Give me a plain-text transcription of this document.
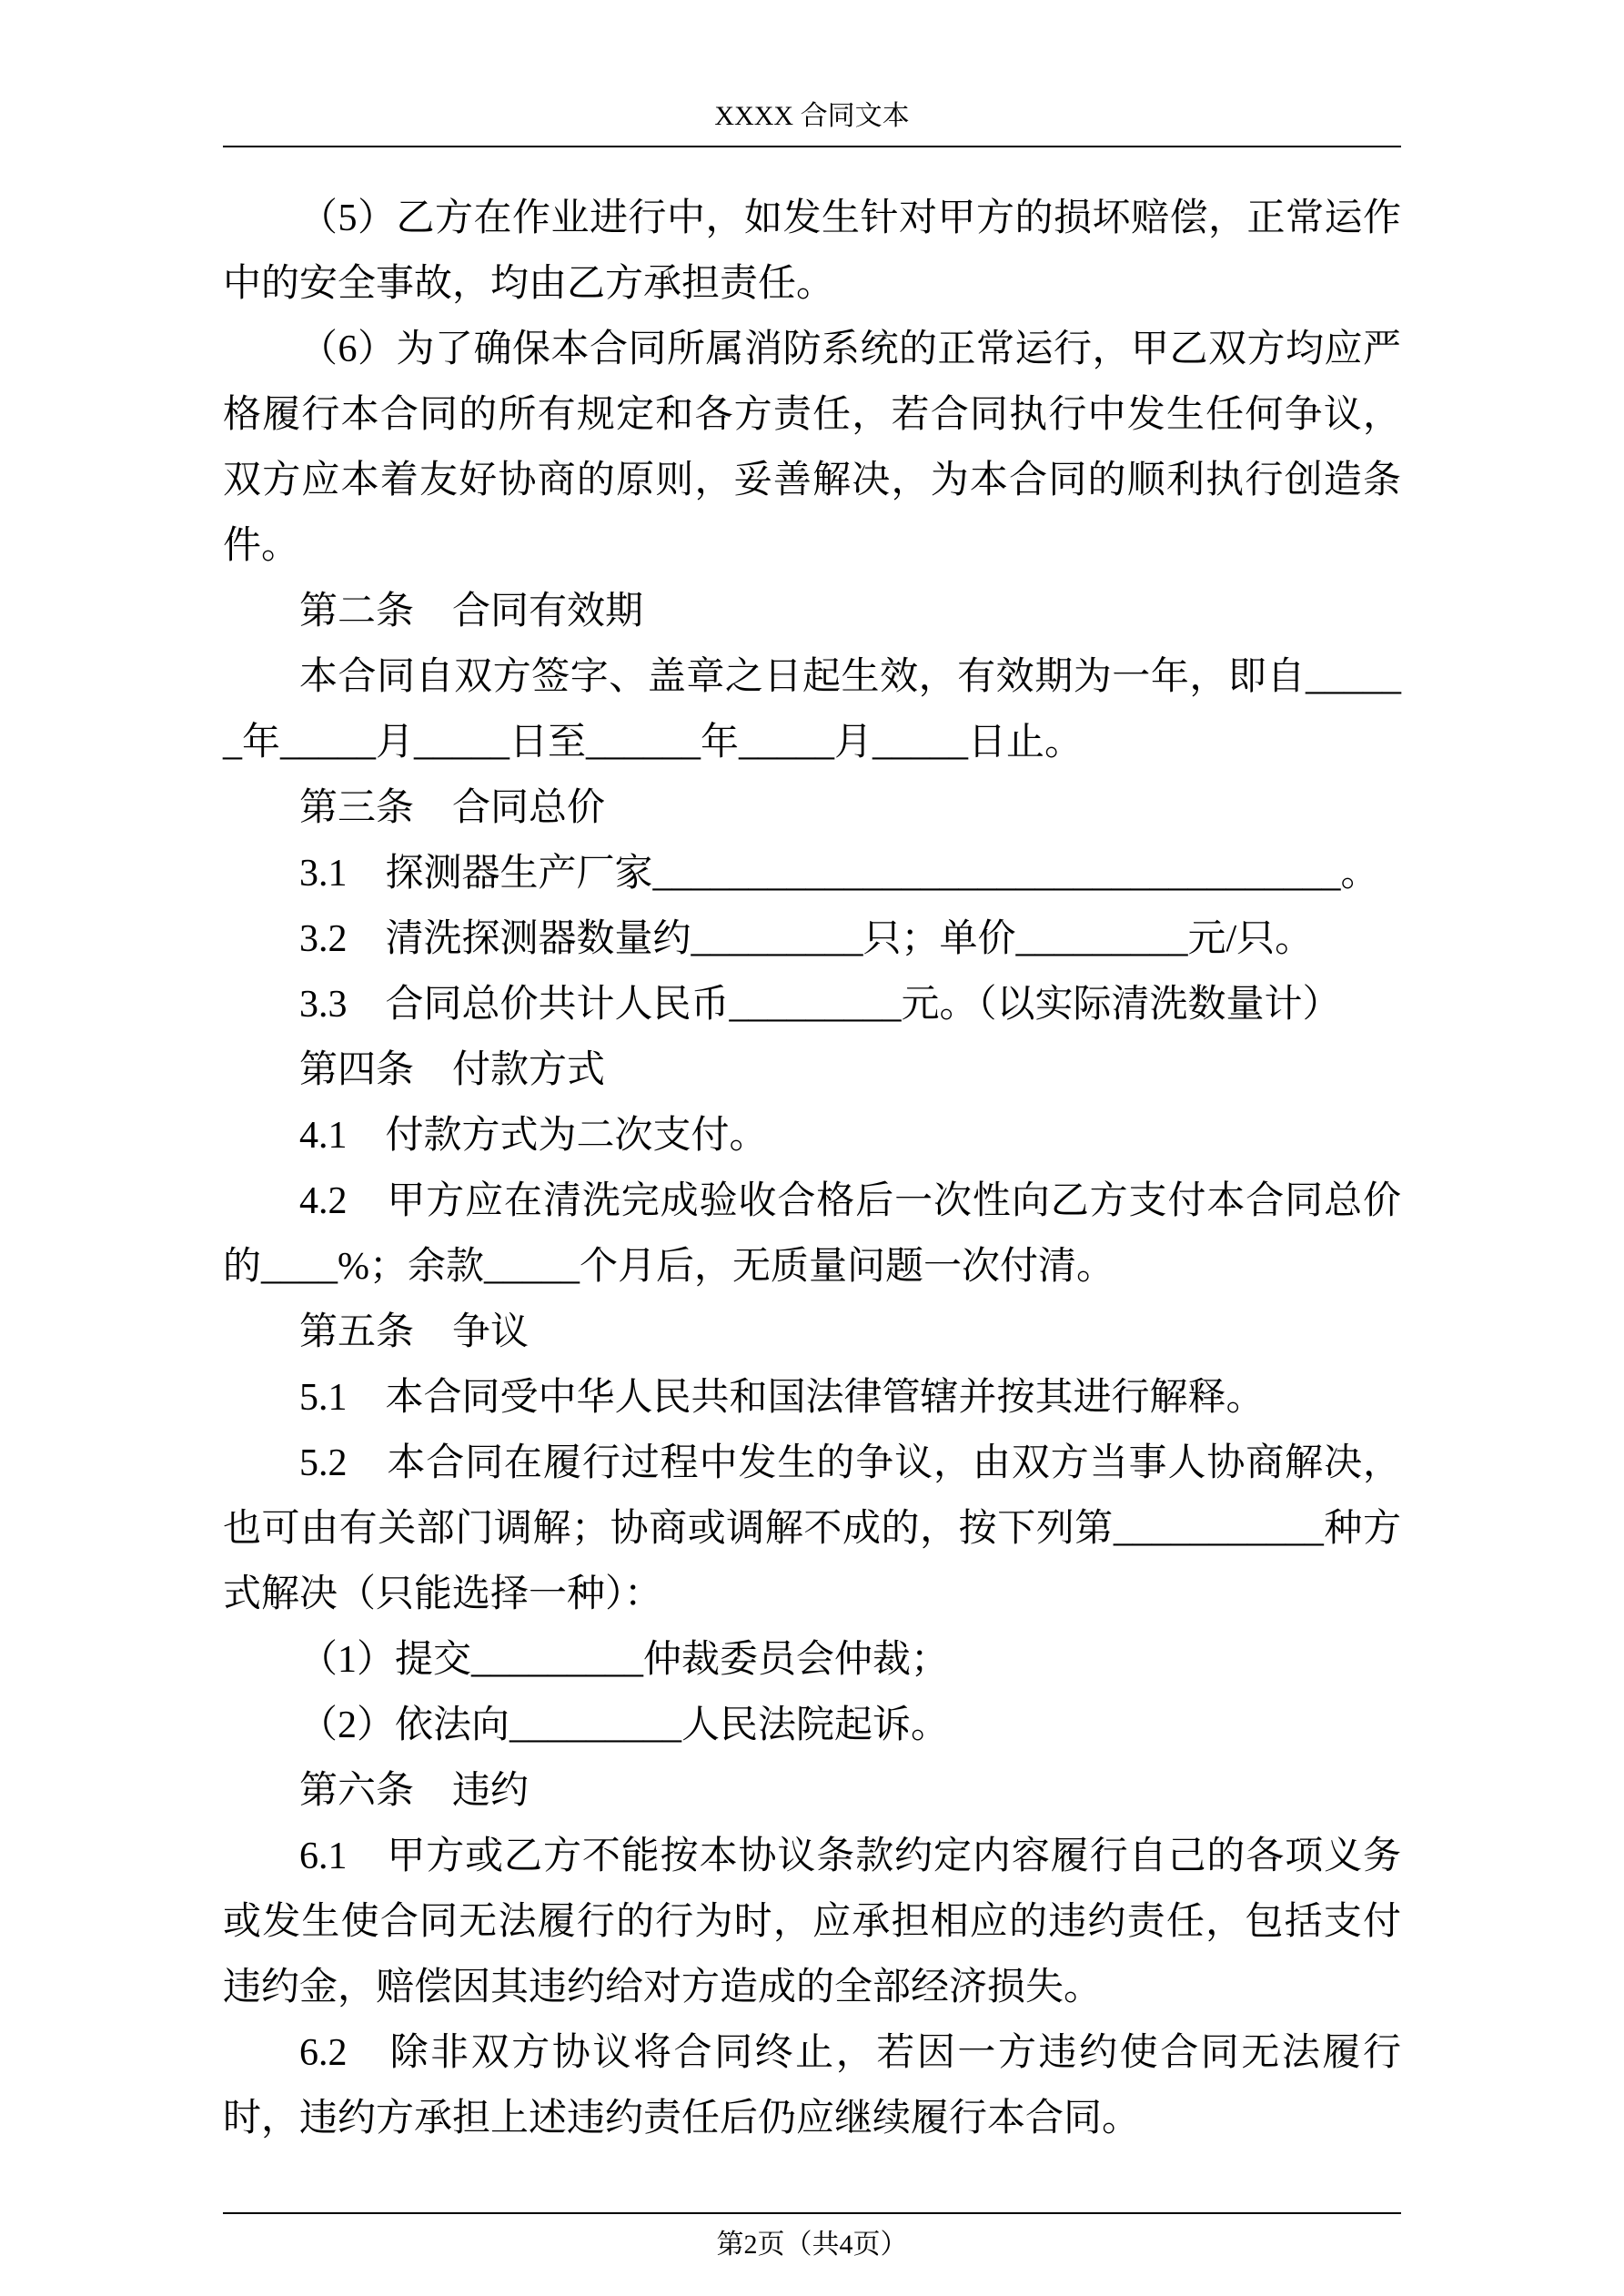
XXXX 合同文本

（5）乙方在作业进行中，如发生针对甲方的损坏赔偿，正常运作中的安全事故，均由乙方承担责任。

（6）为了确保本合同所属消防系统的正常运行，甲乙双方均应严格履行本合同的所有规定和各方责任，若合同执行中发生任何争议，双方应本着友好协商的原则，妥善解决，为本合同的顺利执行创造条件。

第二条　合同有效期

本合同自双方签字、盖章之日起生效，有效期为一年，即自______年_____月_____日至______年_____月_____日止。

第三条　合同总价

3.1　探测器生产厂家____________________________________。

3.2　清洗探测器数量约_________只；单价_________元/只。

3.3　合同总价共计人民币_________元。（以实际清洗数量计）

第四条　付款方式

4.1　付款方式为二次支付。

4.2　甲方应在清洗完成验收合格后一次性向乙方支付本合同总价的____%；余款_____个月后，无质量问题一次付清。

第五条　争议

5.1　本合同受中华人民共和国法律管辖并按其进行解释。

5.2　本合同在履行过程中发生的争议，由双方当事人协商解决，也可由有关部门调解；协商或调解不成的，按下列第___________种方式解决（只能选择一种）：

（1）提交_________仲裁委员会仲裁；

（2）依法向_________人民法院起诉。

第六条　违约

6.1　甲方或乙方不能按本协议条款约定内容履行自己的各项义务或发生使合同无法履行的行为时，应承担相应的违约责任，包括支付违约金，赔偿因其违约给对方造成的全部经济损失。

6.2　除非双方协议将合同终止，若因一方违约使合同无法履行时，违约方承担上述违约责任后仍应继续履行本合同。

第2页（共4页）
